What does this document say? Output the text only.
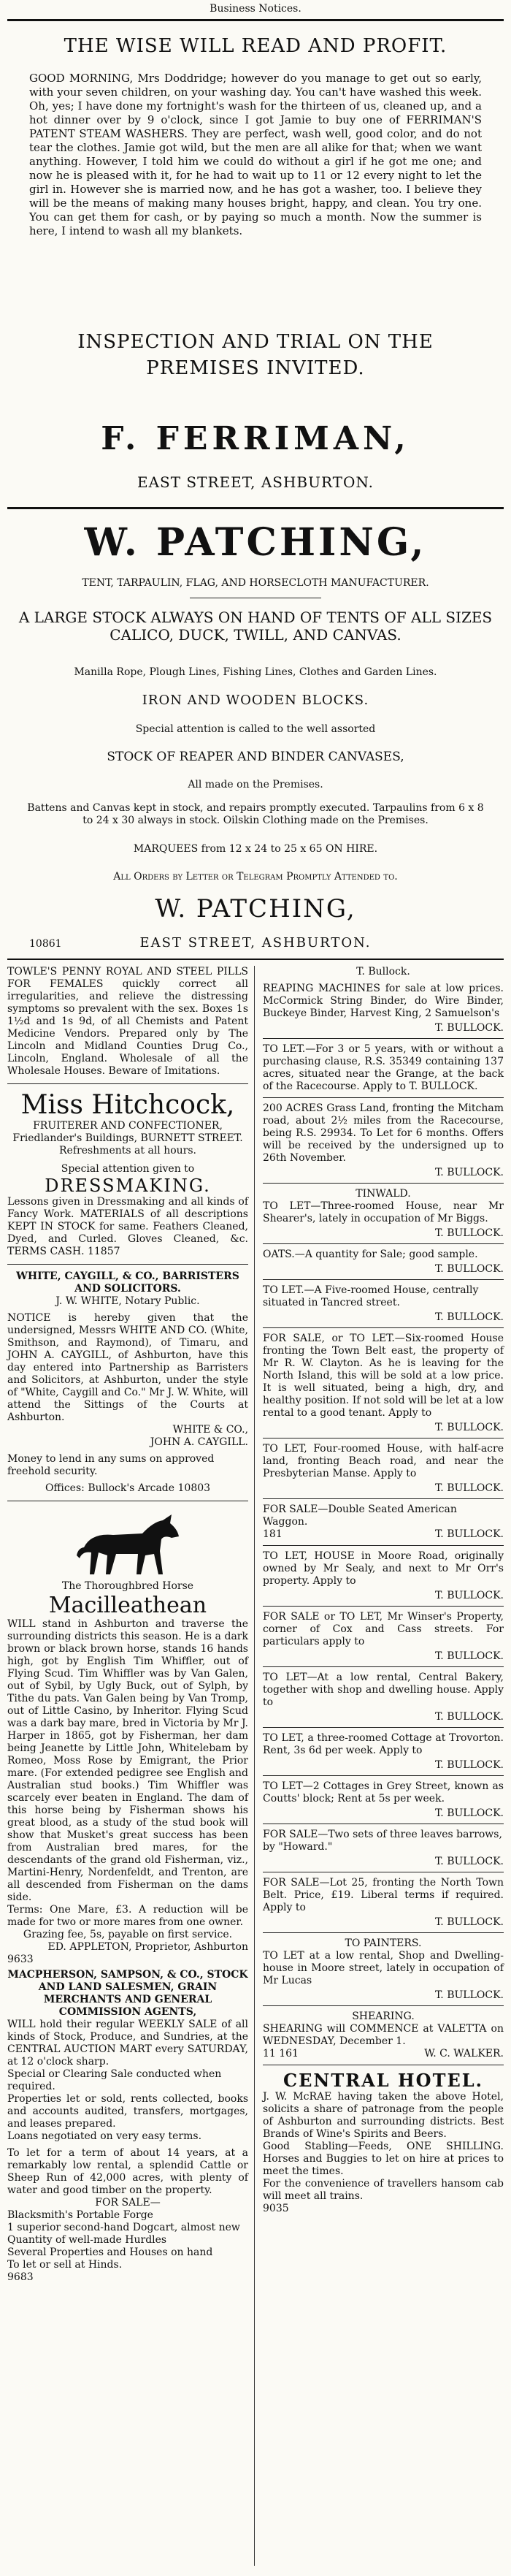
Business Notices.
THE WISE WILL READ AND PROFIT.
GOOD MORNING, Mrs Doddridge; however do you manage to get out so early, with your seven children, on your washing day. You can't have washed this week. Oh, yes; I have done my fortnight's wash for the thirteen of us, cleaned up, and a hot dinner over by 9 o'clock, since I got Jamie to buy one of FERRIMAN'S PATENT STEAM WASHERS. They are perfect, wash well, good color, and do not tear the clothes. Jamie got wild, but the men are all alike for that; when we want anything. However, I told him we could do without a girl if he got me one; and now he is pleased with it, for he had to wait up to 11 or 12 every night to let the girl in. However she is married now, and he has got a washer, too. I believe they will be the means of making many houses bright, happy, and clean. You try one. You can get them for cash, or by paying so much a month. Now the summer is here, I intend to wash all my blankets.
INSPECTION AND TRIAL ON THE PREMISES INVITED.
F. FERRIMAN,
EAST STREET, ASHBURTON.
W. PATCHING,
TENT, TARPAULIN, FLAG, AND HORSECLOTH MANUFACTURER.
A LARGE STOCK ALWAYS ON HAND OF TENTS OF ALL SIZES CALICO, DUCK, TWILL, AND CANVAS.
Manilla Rope, Plough Lines, Fishing Lines, Clothes and Garden Lines.
IRON AND WOODEN BLOCKS.
Special attention is called to the well assorted
STOCK OF REAPER AND BINDER CANVASES,
All made on the Premises.
Battens and Canvas kept in stock, and repairs promptly executed. Tarpaulins from 6 x 8 to 24 x 30 always in stock. Oilskin Clothing made on the Premises.
MARQUEES from 12 x 24 to 25 x 65 ON HIRE.
All Orders by Letter or Telegram Promptly Attended to.
W. PATCHING,
EAST STREET, ASHBURTON.
10861
TOWLE'S PENNY ROYAL AND STEEL PILLS FOR FEMALES quickly correct all irregularities, and relieve the distressing symptoms so prevalent with the sex. Boxes 1s 1½d and 1s 9d, of all Chemists and Patent Medicine Vendors. Prepared only by The Lincoln and Midland Counties Drug Co., Lincoln, England. Wholesale of all the Wholesale Houses. Beware of Imitations.
Miss Hitchcock,
FRUITERER AND CONFECTIONER, Friedlander's Buildings, BURNETT STREET.
Refreshments at all hours.
Special attention given to
DRESSMAKING.
Lessons given in Dressmaking and all kinds of Fancy Work. MATERIALS of all descriptions KEPT IN STOCK for same. Feathers Cleaned, Dyed, and Curled. Gloves Cleaned, &c. TERMS CASH. 11857
WHITE, CAYGILL, & CO., BARRISTERS AND SOLICITORS.
J. W. WHITE, Notary Public.
NOTICE is hereby given that the undersigned, Messrs WHITE AND CO. (White, Smithson, and Raymond), of Timaru, and JOHN A. CAYGILL, of Ashburton, have this day entered into Partnership as Barristers and Solicitors, at Ashburton, under the style of "White, Caygill and Co." Mr J. W. White, will attend the Sittings of the Courts at Ashburton.
WHITE & CO.,
JOHN A. CAYGILL.
Money to lend in any sums on approved freehold security.
Offices: Bullock's Arcade 10803
The Thoroughbred Horse
Macilleathean
WILL stand in Ashburton and traverse the surrounding districts this season. He is a dark brown or black brown horse, stands 16 hands high, got by English Tim Whiffler, out of Flying Scud. Tim Whiffler was by Van Galen, out of Sybil, by Ugly Buck, out of Sylph, by Tithe du pats. Van Galen being by Van Tromp, out of Little Casino, by Inheritor. Flying Scud was a dark bay mare, bred in Victoria by Mr J. Harper in 1865, got by Fisherman, her dam being Jeanette by Little John, Whitelebam by Romeo, Moss Rose by Emigrant, the Prior mare. (For extended pedigree see English and Australian stud books.) Tim Whiffler was scarcely ever beaten in England. The dam of this horse being by Fisherman shows his great blood, as a study of the stud book will show that Musket's great success has been from Australian bred mares, for the descendants of the grand old Fisherman, viz., Martini-Henry, Nordenfeldt, and Trenton, are all descended from Fisherman on the dams side.
Terms: One Mare, £3. A reduction will be made for two or more mares from one owner.
Grazing fee, 5s, payable on first service.
ED. APPLETON, Proprietor, Ashburton
9633
MACPHERSON, SAMPSON, & CO., STOCK AND LAND SALESMEN, GRAIN MERCHANTS AND GENERAL COMMISSION AGENTS,
WILL hold their regular WEEKLY SALE of all kinds of Stock, Produce, and Sundries, at the CENTRAL AUCTION MART every SATURDAY, at 12 o'clock sharp.
Special or Clearing Sale conducted when required.
Properties let or sold, rents collected, books and accounts audited, transfers, mortgages, and leases prepared.
Loans negotiated on very easy terms.
To let for a term of about 14 years, at a remarkably low rental, a splendid Cattle or Sheep Run of 42,000 acres, with plenty of water and good timber on the property.
FOR SALE—
Blacksmith's Portable Forge
1 superior second-hand Dogcart, almost new
Quantity of well-made Hurdles
Several Properties and Houses on hand
To let or sell at Hinds.
9683
T. Bullock.
REAPING MACHINES for sale at low prices. McCormick String Binder, do Wire Binder, Buckeye Binder, Harvest King, 2 Samuelson's
T. BULLOCK.
TO LET.—For 3 or 5 years, with or without a purchasing clause, R.S. 35349 containing 137 acres, situated near the Grange, at the back of the Racecourse. Apply to T. BULLOCK.
200 ACRES Grass Land, fronting the Mitcham road, about 2½ miles from the Racecourse, being R.S. 29934. To Let for 6 months. Offers will be received by the undersigned up to 26th November.
T. BULLOCK.
TINWALD.
TO LET—Three-roomed House, near Mr Shearer's, lately in occupation of Mr Biggs.
T. BULLOCK.
OATS.—A quantity for Sale; good sample.
T. BULLOCK.
TO LET.—A Five-roomed House, centrally situated in Tancred street.
T. BULLOCK.
FOR SALE, or TO LET.—Six-roomed House fronting the Town Belt east, the property of Mr R. W. Clayton. As he is leaving for the North Island, this will be sold at a low price. It is well situated, being a high, dry, and healthy position. If not sold will be let at a low rental to a good tenant. Apply to
T. BULLOCK.
TO LET, Four-roomed House, with half-acre land, fronting Beach road, and near the Presbyterian Manse. Apply to
T. BULLOCK.
FOR SALE—Double Seated American Waggon.
181	T. BULLOCK.
TO LET, HOUSE in Moore Road, originally owned by Mr Sealy, and next to Mr Orr's property. Apply to
T. BULLOCK.
FOR SALE or TO LET, Mr Winser's Property, corner of Cox and Cass streets. For particulars apply to
T. BULLOCK.
TO LET—At a low rental, Central Bakery, together with shop and dwelling house. Apply to
T. BULLOCK.
TO LET, a three-roomed Cottage at Trovorton. Rent, 3s 6d per week. Apply to
T. BULLOCK.
TO LET—2 Cottages in Grey Street, known as Coutts' block; Rent at 5s per week.
T. BULLOCK.
FOR SALE—Two sets of three leaves barrows, by "Howard."
T. BULLOCK.
FOR SALE—Lot 25, fronting the North Town Belt. Price, £19. Liberal terms if required. Apply to
T. BULLOCK.
TO PAINTERS.
TO LET at a low rental, Shop and Dwelling-house in Moore street, lately in occupation of Mr Lucas
T. BULLOCK.
SHEARING.
SHEARING will COMMENCE at VALETTA on WEDNESDAY, December 1.
11 161	W. C. WALKER.
CENTRAL HOTEL.
J. W. McRAE having taken the above Hotel, solicits a share of patronage from the people of Ashburton and surrounding districts. Best Brands of Wine's Spirits and Beers.
Good Stabling—Feeds, ONE SHILLING. Horses and Buggies to let on hire at prices to meet the times.
For the convenience of travellers hansom cab will meet all trains.
9035
